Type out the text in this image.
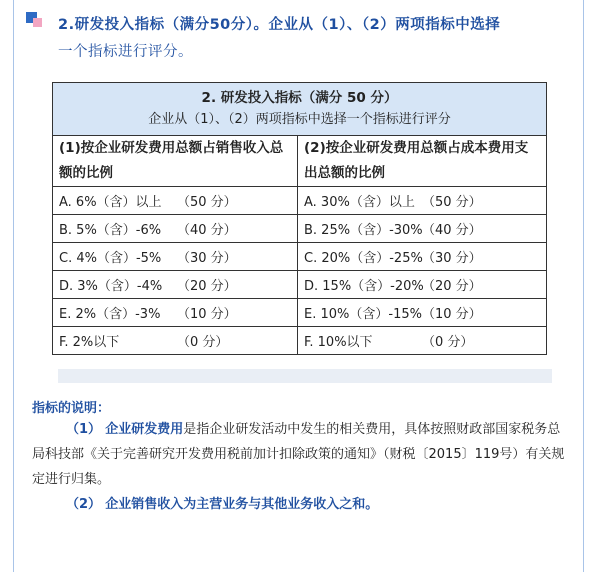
2.研发投入指标（满分50分）。企业从（1）、（2）两项指标中选择
一个指标进行评分。
2. 研发投入指标（满分 50 分）
企业从（1）、（2）两项指标中选择一个指标进行评分	

(1)按企业研发费用总额占销售收入总额的比例	(2)按企业研发费用总额占成本费用支出总额的比例
A. 6%（含）以上 （50 分）	A. 30%（含）以上 （50 分）
B. 5%（含）-6% （40 分）	B. 25%（含）-30%（40 分）
C. 4%（含）-5% （30 分）	C. 20%（含）-25%（30 分）
D. 3%（含）-4% （20 分）	D. 15%（含）-20%（20 分）
E. 2%（含）-3% （10 分）	E. 10%（含）-15%（10 分）
F. 2%以下 （0 分）	F. 10%以下 （0 分）
指标的说明：
（1） 企业研发费用是指企业研发活动中发生的相关费用，具体按照财政部国家税务总局科技部《关于完善研究开发费用税前加计扣除政策的通知》（财税〔2015〕119号）有关规定进行归集。
（2） 企业销售收入为主营业务与其他业务收入之和。
